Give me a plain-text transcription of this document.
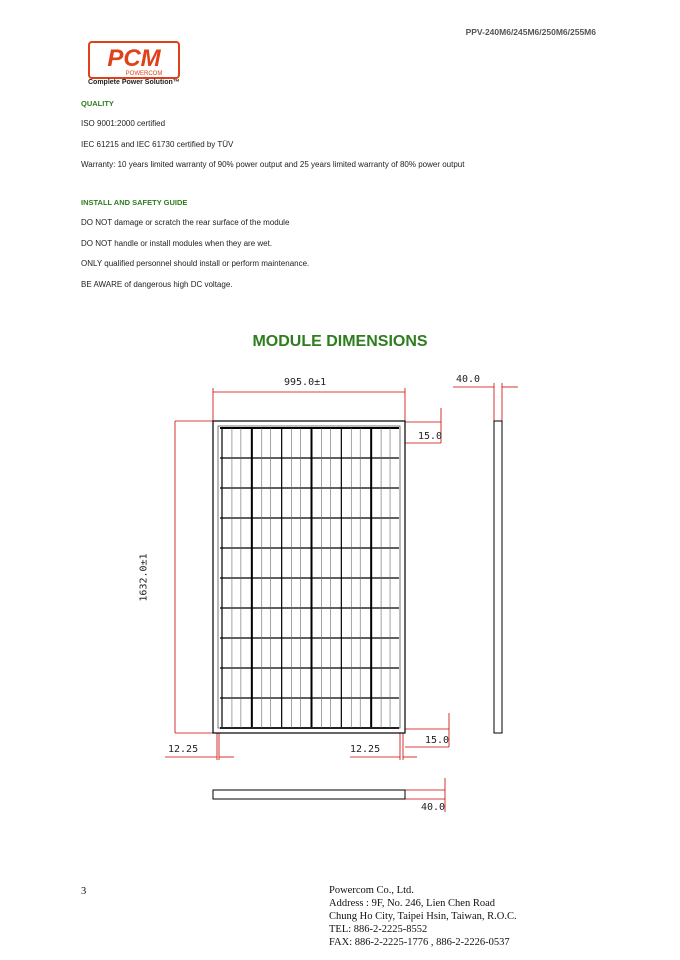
PPV-240M6/245M6/250M6/255M6
PCM
POWERCOM
Complete Power Solution™
QUALITY
ISO 9001:2000 certified
IEC 61215 and IEC 61730 certified by TÜV
Warranty: 10 years limited warranty of 90% power output and 25 years limited warranty of 80% power output
INSTALL AND SAFETY GUIDE
DO NOT damage or scratch the rear surface of the module
DO NOT handle or install modules when they are wet.
ONLY qualified personnel should install or perform maintenance.
BE AWARE of dangerous high DC voltage.
MODULE DIMENSIONS
995.0±1
1632.0±1
40.0
15.0
15.0
12.25	12.25
40.0
3	Powercom Co., Ltd.
Address : 9F, No. 246, Lien Chen Road
Chung Ho City, Taipei Hsin, Taiwan, R.O.C.
TEL: 886-2-2225-8552
FAX: 886-2-2225-1776 , 886-2-2226-0537
